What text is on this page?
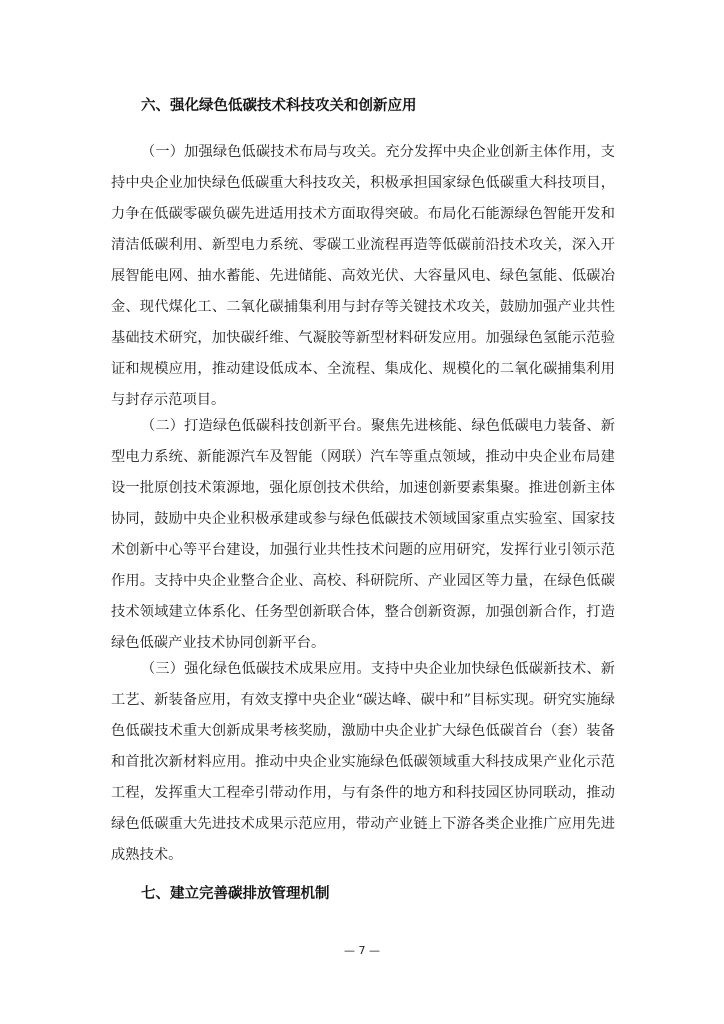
六、强化绿色低碳技术科技攻关和创新应用

（一）加强绿色低碳技术布局与攻关。充分发挥中央企业创新主体作用，支持中央企业加快绿色低碳重大科技攻关，积极承担国家绿色低碳重大科技项目，力争在低碳零碳负碳先进适用技术方面取得突破。布局化石能源绿色智能开发和清洁低碳利用、新型电力系统、零碳工业流程再造等低碳前沿技术攻关，深入开展智能电网、抽水蓄能、先进储能、高效光伏、大容量风电、绿色氢能、低碳冶金、现代煤化工、二氧化碳捕集利用与封存等关键技术攻关，鼓励加强产业共性基础技术研究，加快碳纤维、气凝胶等新型材料研发应用。加强绿色氢能示范验证和规模应用，推动建设低成本、全流程、集成化、规模化的二氧化碳捕集利用与封存示范项目。

（二）打造绿色低碳科技创新平台。聚焦先进核能、绿色低碳电力装备、新型电力系统、新能源汽车及智能（网联）汽车等重点领域，推动中央企业布局建设一批原创技术策源地，强化原创技术供给，加速创新要素集聚。推进创新主体协同，鼓励中央企业积极承建或参与绿色低碳技术领域国家重点实验室、国家技术创新中心等平台建设，加强行业共性技术问题的应用研究，发挥行业引领示范作用。支持中央企业整合企业、高校、科研院所、产业园区等力量，在绿色低碳技术领域建立体系化、任务型创新联合体，整合创新资源，加强创新合作，打造绿色低碳产业技术协同创新平台。

（三）强化绿色低碳技术成果应用。支持中央企业加快绿色低碳新技术、新工艺、新装备应用，有效支撑中央企业“碳达峰、碳中和”目标实现。研究实施绿色低碳技术重大创新成果考核奖励，激励中央企业扩大绿色低碳首台（套）装备和首批次新材料应用。推动中央企业实施绿色低碳领域重大科技成果产业化示范工程，发挥重大工程牵引带动作用，与有条件的地方和科技园区协同联动，推动绿色低碳重大先进技术成果示范应用，带动产业链上下游各类企业推广应用先进成熟技术。

七、建立完善碳排放管理机制
— 7 —
